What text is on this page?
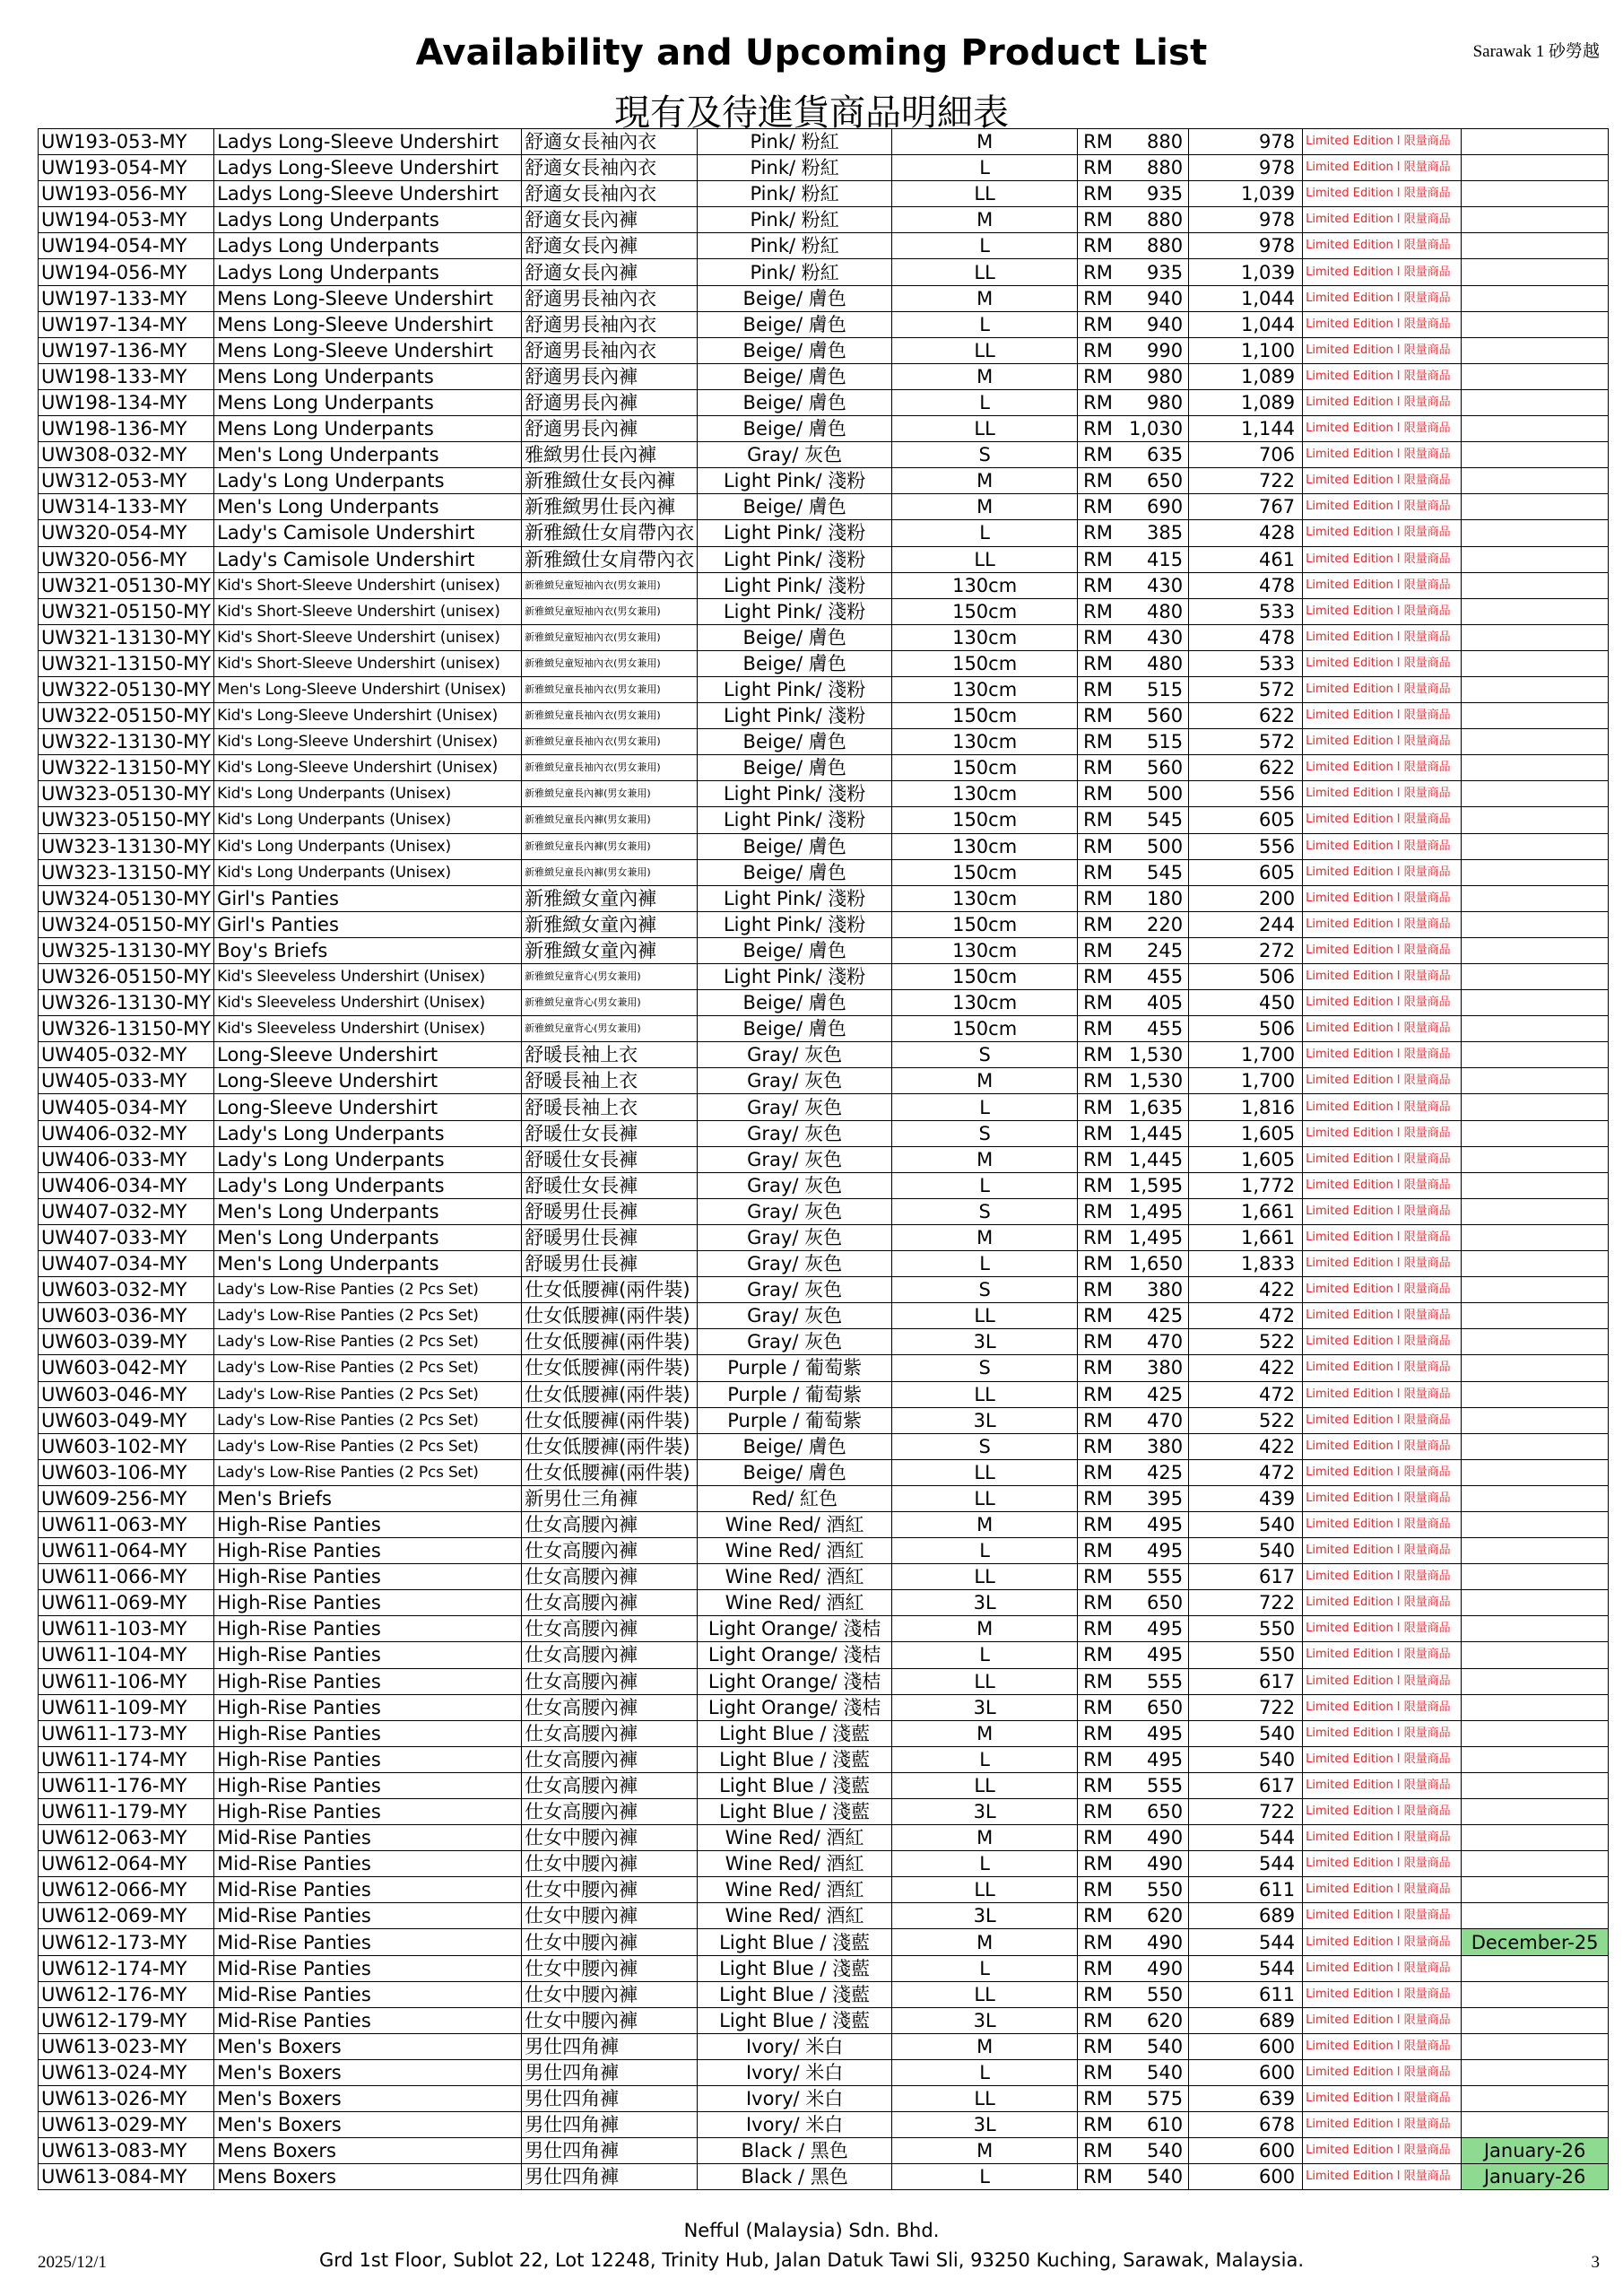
Sarawak 1 砂勞越
Availability and Upcoming Product List
現有及待進貨商品明細表
UW193-053-MY	Ladys Long-Sleeve Undershirt	舒適女長袖內衣	Pink/ 粉紅	M	RM 880	978	Limited Edition l 限量商品	
UW193-054-MY	Ladys Long-Sleeve Undershirt	舒適女長袖內衣	Pink/ 粉紅	L	RM 880	978	Limited Edition l 限量商品	
UW193-056-MY	Ladys Long-Sleeve Undershirt	舒適女長袖內衣	Pink/ 粉紅	LL	RM 935	1,039	Limited Edition l 限量商品	
UW194-053-MY	Ladys Long Underpants	舒適女長內褲	Pink/ 粉紅	M	RM 880	978	Limited Edition l 限量商品	
UW194-054-MY	Ladys Long Underpants	舒適女長內褲	Pink/ 粉紅	L	RM 880	978	Limited Edition l 限量商品	
UW194-056-MY	Ladys Long Underpants	舒適女長內褲	Pink/ 粉紅	LL	RM 935	1,039	Limited Edition l 限量商品	
UW197-133-MY	Mens Long-Sleeve Undershirt	舒適男長袖內衣	Beige/ 膚色	M	RM 940	1,044	Limited Edition l 限量商品	
UW197-134-MY	Mens Long-Sleeve Undershirt	舒適男長袖內衣	Beige/ 膚色	L	RM 940	1,044	Limited Edition l 限量商品	
UW197-136-MY	Mens Long-Sleeve Undershirt	舒適男長袖內衣	Beige/ 膚色	LL	RM 990	1,100	Limited Edition l 限量商品	
UW198-133-MY	Mens Long Underpants	舒適男長內褲	Beige/ 膚色	M	RM 980	1,089	Limited Edition l 限量商品	
UW198-134-MY	Mens Long Underpants	舒適男長內褲	Beige/ 膚色	L	RM 980	1,089	Limited Edition l 限量商品	
UW198-136-MY	Mens Long Underpants	舒適男長內褲	Beige/ 膚色	LL	RM 1,030	1,144	Limited Edition l 限量商品	
UW308-032-MY	Men's Long Underpants	雅緻男仕長內褲	Gray/ 灰色	S	RM 635	706	Limited Edition l 限量商品	
UW312-053-MY	Lady's Long Underpants	新雅緻仕女長內褲	Light Pink/ 淺粉	M	RM 650	722	Limited Edition l 限量商品	
UW314-133-MY	Men's Long Underpants	新雅緻男仕長內褲	Beige/ 膚色	M	RM 690	767	Limited Edition l 限量商品	
UW320-054-MY	Lady's Camisole Undershirt	新雅緻仕女肩帶內衣	Light Pink/ 淺粉	L	RM 385	428	Limited Edition l 限量商品	
UW320-056-MY	Lady's Camisole Undershirt	新雅緻仕女肩帶內衣	Light Pink/ 淺粉	LL	RM 415	461	Limited Edition l 限量商品	
UW321-05130-MY	Kid's Short-Sleeve Undershirt (unisex)	新雅緻兒童短袖內衣(男女兼用)	Light Pink/ 淺粉	130cm	RM 430	478	Limited Edition l 限量商品	
UW321-05150-MY	Kid's Short-Sleeve Undershirt (unisex)	新雅緻兒童短袖內衣(男女兼用)	Light Pink/ 淺粉	150cm	RM 480	533	Limited Edition l 限量商品	
UW321-13130-MY	Kid's Short-Sleeve Undershirt (unisex)	新雅緻兒童短袖內衣(男女兼用)	Beige/ 膚色	130cm	RM 430	478	Limited Edition l 限量商品	
UW321-13150-MY	Kid's Short-Sleeve Undershirt (unisex)	新雅緻兒童短袖內衣(男女兼用)	Beige/ 膚色	150cm	RM 480	533	Limited Edition l 限量商品	
UW322-05130-MY	Men's Long-Sleeve Undershirt (Unisex)	新雅緻兒童長袖內衣(男女兼用)	Light Pink/ 淺粉	130cm	RM 515	572	Limited Edition l 限量商品	
UW322-05150-MY	Kid's Long-Sleeve Undershirt (Unisex)	新雅緻兒童長袖內衣(男女兼用)	Light Pink/ 淺粉	150cm	RM 560	622	Limited Edition l 限量商品	
UW322-13130-MY	Kid's Long-Sleeve Undershirt (Unisex)	新雅緻兒童長袖內衣(男女兼用)	Beige/ 膚色	130cm	RM 515	572	Limited Edition l 限量商品	
UW322-13150-MY	Kid's Long-Sleeve Undershirt (Unisex)	新雅緻兒童長袖內衣(男女兼用)	Beige/ 膚色	150cm	RM 560	622	Limited Edition l 限量商品	
UW323-05130-MY	Kid's Long Underpants (Unisex)	新雅緻兒童長內褲(男女兼用)	Light Pink/ 淺粉	130cm	RM 500	556	Limited Edition l 限量商品	
UW323-05150-MY	Kid's Long Underpants (Unisex)	新雅緻兒童長內褲(男女兼用)	Light Pink/ 淺粉	150cm	RM 545	605	Limited Edition l 限量商品	
UW323-13130-MY	Kid's Long Underpants (Unisex)	新雅緻兒童長內褲(男女兼用)	Beige/ 膚色	130cm	RM 500	556	Limited Edition l 限量商品	
UW323-13150-MY	Kid's Long Underpants (Unisex)	新雅緻兒童長內褲(男女兼用)	Beige/ 膚色	150cm	RM 545	605	Limited Edition l 限量商品	
UW324-05130-MY	Girl's Panties	新雅緻女童內褲	Light Pink/ 淺粉	130cm	RM 180	200	Limited Edition l 限量商品	
UW324-05150-MY	Girl's Panties	新雅緻女童內褲	Light Pink/ 淺粉	150cm	RM 220	244	Limited Edition l 限量商品	
UW325-13130-MY	Boy's Briefs	新雅緻女童內褲	Beige/ 膚色	130cm	RM 245	272	Limited Edition l 限量商品	
UW326-05150-MY	Kid's Sleeveless Undershirt (Unisex)	新雅緻兒童背心(男女兼用)	Light Pink/ 淺粉	150cm	RM 455	506	Limited Edition l 限量商品	
UW326-13130-MY	Kid's Sleeveless Undershirt (Unisex)	新雅緻兒童背心(男女兼用)	Beige/ 膚色	130cm	RM 405	450	Limited Edition l 限量商品	
UW326-13150-MY	Kid's Sleeveless Undershirt (Unisex)	新雅緻兒童背心(男女兼用)	Beige/ 膚色	150cm	RM 455	506	Limited Edition l 限量商品	
UW405-032-MY	Long-Sleeve Undershirt	舒暖長袖上衣	Gray/ 灰色	S	RM 1,530	1,700	Limited Edition l 限量商品	
UW405-033-MY	Long-Sleeve Undershirt	舒暖長袖上衣	Gray/ 灰色	M	RM 1,530	1,700	Limited Edition l 限量商品	
UW405-034-MY	Long-Sleeve Undershirt	舒暖長袖上衣	Gray/ 灰色	L	RM 1,635	1,816	Limited Edition l 限量商品	
UW406-032-MY	Lady's Long Underpants	舒暖仕女長褲	Gray/ 灰色	S	RM 1,445	1,605	Limited Edition l 限量商品	
UW406-033-MY	Lady's Long Underpants	舒暖仕女長褲	Gray/ 灰色	M	RM 1,445	1,605	Limited Edition l 限量商品	
UW406-034-MY	Lady's Long Underpants	舒暖仕女長褲	Gray/ 灰色	L	RM 1,595	1,772	Limited Edition l 限量商品	
UW407-032-MY	Men's Long Underpants	舒暖男仕長褲	Gray/ 灰色	S	RM 1,495	1,661	Limited Edition l 限量商品	
UW407-033-MY	Men's Long Underpants	舒暖男仕長褲	Gray/ 灰色	M	RM 1,495	1,661	Limited Edition l 限量商品	
UW407-034-MY	Men's Long Underpants	舒暖男仕長褲	Gray/ 灰色	L	RM 1,650	1,833	Limited Edition l 限量商品	
UW603-032-MY	Lady's Low-Rise Panties (2 Pcs Set)	仕女低腰褲(兩件裝)	Gray/ 灰色	S	RM 380	422	Limited Edition l 限量商品	
UW603-036-MY	Lady's Low-Rise Panties (2 Pcs Set)	仕女低腰褲(兩件裝)	Gray/ 灰色	LL	RM 425	472	Limited Edition l 限量商品	
UW603-039-MY	Lady's Low-Rise Panties (2 Pcs Set)	仕女低腰褲(兩件裝)	Gray/ 灰色	3L	RM 470	522	Limited Edition l 限量商品	
UW603-042-MY	Lady's Low-Rise Panties (2 Pcs Set)	仕女低腰褲(兩件裝)	Purple / 葡萄紫	S	RM 380	422	Limited Edition l 限量商品	
UW603-046-MY	Lady's Low-Rise Panties (2 Pcs Set)	仕女低腰褲(兩件裝)	Purple / 葡萄紫	LL	RM 425	472	Limited Edition l 限量商品	
UW603-049-MY	Lady's Low-Rise Panties (2 Pcs Set)	仕女低腰褲(兩件裝)	Purple / 葡萄紫	3L	RM 470	522	Limited Edition l 限量商品	
UW603-102-MY	Lady's Low-Rise Panties (2 Pcs Set)	仕女低腰褲(兩件裝)	Beige/ 膚色	S	RM 380	422	Limited Edition l 限量商品	
UW603-106-MY	Lady's Low-Rise Panties (2 Pcs Set)	仕女低腰褲(兩件裝)	Beige/ 膚色	LL	RM 425	472	Limited Edition l 限量商品	
UW609-256-MY	Men's Briefs	新男仕三角褲	Red/ 紅色	LL	RM 395	439	Limited Edition l 限量商品	
UW611-063-MY	High-Rise Panties	仕女高腰內褲	Wine Red/ 酒紅	M	RM 495	540	Limited Edition l 限量商品	
UW611-064-MY	High-Rise Panties	仕女高腰內褲	Wine Red/ 酒紅	L	RM 495	540	Limited Edition l 限量商品	
UW611-066-MY	High-Rise Panties	仕女高腰內褲	Wine Red/ 酒紅	LL	RM 555	617	Limited Edition l 限量商品	
UW611-069-MY	High-Rise Panties	仕女高腰內褲	Wine Red/ 酒紅	3L	RM 650	722	Limited Edition l 限量商品	
UW611-103-MY	High-Rise Panties	仕女高腰內褲	Light Orange/ 淺桔	M	RM 495	550	Limited Edition l 限量商品	
UW611-104-MY	High-Rise Panties	仕女高腰內褲	Light Orange/ 淺桔	L	RM 495	550	Limited Edition l 限量商品	
UW611-106-MY	High-Rise Panties	仕女高腰內褲	Light Orange/ 淺桔	LL	RM 555	617	Limited Edition l 限量商品	
UW611-109-MY	High-Rise Panties	仕女高腰內褲	Light Orange/ 淺桔	3L	RM 650	722	Limited Edition l 限量商品	
UW611-173-MY	High-Rise Panties	仕女高腰內褲	Light Blue / 淺藍	M	RM 495	540	Limited Edition l 限量商品	
UW611-174-MY	High-Rise Panties	仕女高腰內褲	Light Blue / 淺藍	L	RM 495	540	Limited Edition l 限量商品	
UW611-176-MY	High-Rise Panties	仕女高腰內褲	Light Blue / 淺藍	LL	RM 555	617	Limited Edition l 限量商品	
UW611-179-MY	High-Rise Panties	仕女高腰內褲	Light Blue / 淺藍	3L	RM 650	722	Limited Edition l 限量商品	
UW612-063-MY	Mid-Rise Panties	仕女中腰內褲	Wine Red/ 酒紅	M	RM 490	544	Limited Edition l 限量商品	
UW612-064-MY	Mid-Rise Panties	仕女中腰內褲	Wine Red/ 酒紅	L	RM 490	544	Limited Edition l 限量商品	
UW612-066-MY	Mid-Rise Panties	仕女中腰內褲	Wine Red/ 酒紅	LL	RM 550	611	Limited Edition l 限量商品	
UW612-069-MY	Mid-Rise Panties	仕女中腰內褲	Wine Red/ 酒紅	3L	RM 620	689	Limited Edition l 限量商品	
UW612-173-MY	Mid-Rise Panties	仕女中腰內褲	Light Blue / 淺藍	M	RM 490	544	Limited Edition l 限量商品	December-25
UW612-174-MY	Mid-Rise Panties	仕女中腰內褲	Light Blue / 淺藍	L	RM 490	544	Limited Edition l 限量商品	
UW612-176-MY	Mid-Rise Panties	仕女中腰內褲	Light Blue / 淺藍	LL	RM 550	611	Limited Edition l 限量商品	
UW612-179-MY	Mid-Rise Panties	仕女中腰內褲	Light Blue / 淺藍	3L	RM 620	689	Limited Edition l 限量商品	
UW613-023-MY	Men's Boxers	男仕四角褲	Ivory/ 米白	M	RM 540	600	Limited Edition l 限量商品	
UW613-024-MY	Men's Boxers	男仕四角褲	Ivory/ 米白	L	RM 540	600	Limited Edition l 限量商品	
UW613-026-MY	Men's Boxers	男仕四角褲	Ivory/ 米白	LL	RM 575	639	Limited Edition l 限量商品	
UW613-029-MY	Men's Boxers	男仕四角褲	Ivory/ 米白	3L	RM 610	678	Limited Edition l 限量商品	
UW613-083-MY	Mens Boxers	男仕四角褲	Black / 黑色	M	RM 540	600	Limited Edition l 限量商品	January-26
UW613-084-MY	Mens Boxers	男仕四角褲	Black / 黑色	L	RM 540	600	Limited Edition l 限量商品	January-26
Nefful (Malaysia) Sdn. Bhd.
Grd 1st Floor, Sublot 22, Lot 12248, Trinity Hub, Jalan Datuk Tawi Sli, 93250 Kuching, Sarawak, Malaysia.
2025/12/1	3
